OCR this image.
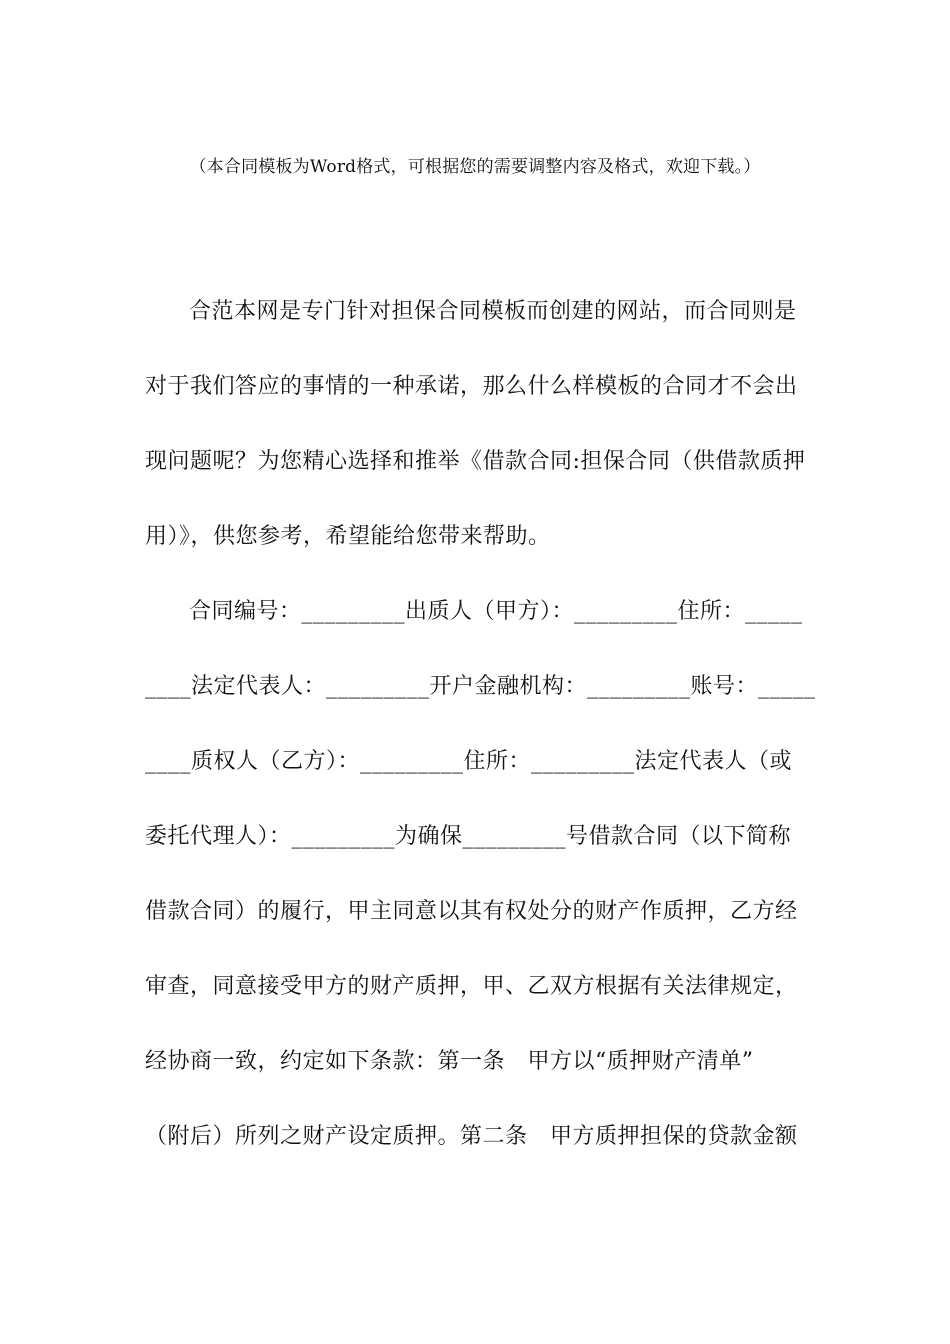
（本合同模板为Word格式，可根据您的需要调整内容及格式，欢迎下载。）
合范本网是专门针对担保合同模板而创建的网站，而合同则是
对于我们答应的事情的一种承诺，那么什么样模板的合同才不会出
现问题呢？为您精心选择和推举《借款合同:担保合同（供借款质押
用）》，供您参考，希望能给您带来帮助。
合同编号：_________出质人（甲方）：_________住所：_____
____法定代表人：_________开户金融机构：_________账号：_____
____质权人（乙方）：_________住所：_________法定代表人（或
委托代理人）：_________为确保_________号借款合同（以下简称
借款合同）的履行，甲主同意以其有权处分的财产作质押，乙方经
审查，同意接受甲方的财产质押，甲、乙双方根据有关法律规定，
经协商一致，约定如下条款：第一条　甲方以“质押财产清单”
（附后）所列之财产设定质押。第二条　甲方质押担保的贷款金额
